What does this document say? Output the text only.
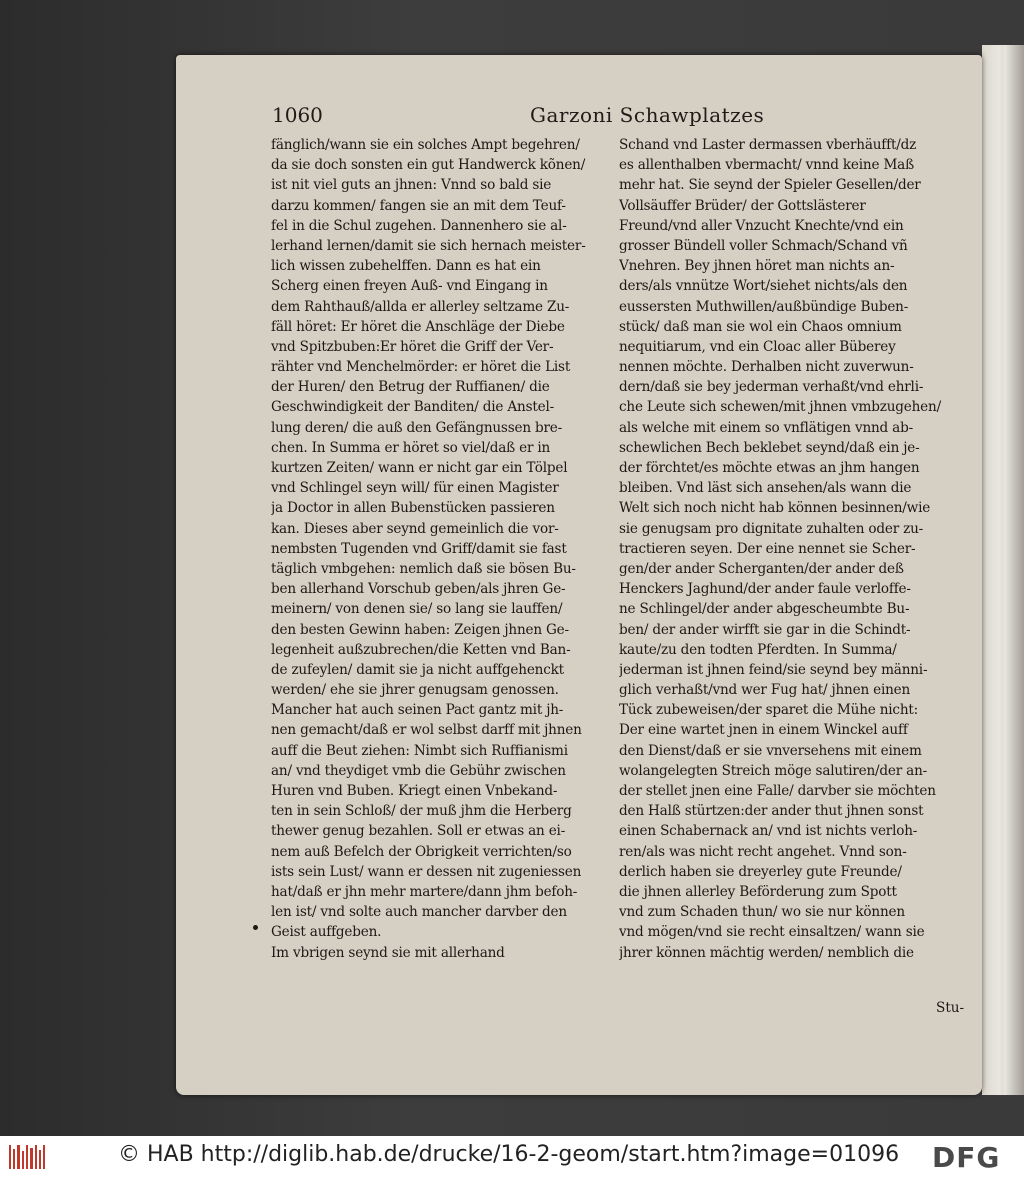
1060	Garzoni Schawplatzes
fänglich/wann sie ein solches Ampt begehren/
da sie doch sonsten ein gut Handwerck kõnen/
ist nit viel guts an jhnen: Vnnd so bald sie
darzu kommen/ fangen sie an mit dem Teuf-
fel in die Schul zugehen. Dannenhero sie al-
lerhand lernen/damit sie sich hernach meister-
lich wissen zubehelffen. Dann es hat ein
Scherg einen freyen Auß- vnd Eingang in
dem Rahthauß/allda er allerley seltzame Zu-
fäll höret: Er höret die Anschläge der Diebe
vnd Spitzbuben:Er höret die Griff der Ver-
rähter vnd Menchelmörder: er höret die List
der Huren/ den Betrug der Ruffianen/ die
Geschwindigkeit der Banditen/ die Anstel-
lung deren/ die auß den Gefängnussen bre-
chen. In Summa er höret so viel/daß er in
kurtzen Zeiten/ wann er nicht gar ein Tölpel
vnd Schlingel seyn will/ für einen Magister
ja Doctor in allen Bubenstücken passieren
kan. Dieses aber seynd gemeinlich die vor-
nembsten Tugenden vnd Griff/damit sie fast
täglich vmbgehen: nemlich daß sie bösen Bu-
ben allerhand Vorschub geben/als jhren Ge-
meinern/ von denen sie/ so lang sie lauffen/
den besten Gewinn haben: Zeigen jhnen Ge-
legenheit außzubrechen/die Ketten vnd Ban-
de zufeylen/ damit sie ja nicht auffgehenckt
werden/ ehe sie jhrer genugsam genossen.
Mancher hat auch seinen Pact gantz mit jh-
nen gemacht/daß er wol selbst darff mit jhnen
auff die Beut ziehen: Nimbt sich Ruffianismi
an/ vnd theydiget vmb die Gebühr zwischen
Huren vnd Buben. Kriegt einen Vnbekand-
ten in sein Schloß/ der muß jhm die Herberg
thewer genug bezahlen. Soll er etwas an ei-
nem auß Befelch der Obrigkeit verrichten/so
ists sein Lust/ wann er dessen nit zugeniessen
hat/daß er jhn mehr martere/dann jhm befoh-
len ist/ vnd solte auch mancher darvber den
Geist auffgeben.
Im vbrigen seynd sie mit allerhand
Schand vnd Laster dermassen vberhäufft/dz
es allenthalben vbermacht/ vnnd keine Maß
mehr hat. Sie seynd der Spieler Gesellen/der
Vollsäuffer Brüder/ der Gottslästerer
Freund/vnd aller Vnzucht Knechte/vnd ein
grosser Bündell voller Schmach/Schand vñ
Vnehren. Bey jhnen höret man nichts an-
ders/als vnnütze Wort/siehet nichts/als den
eussersten Muthwillen/außbündige Buben-
stück/ daß man sie wol ein Chaos omnium
nequitiarum, vnd ein Cloac aller Büberey
nennen möchte. Derhalben nicht zuverwun-
dern/daß sie bey jederman verhaßt/vnd ehrli-
che Leute sich schewen/mit jhnen vmbzugehen/
als welche mit einem so vnflätigen vnnd ab-
schewlichen Bech beklebet seynd/daß ein je-
der förchtet/es möchte etwas an jhm hangen
bleiben. Vnd läst sich ansehen/als wann die
Welt sich noch nicht hab können besinnen/wie
sie genugsam pro dignitate zuhalten oder zu-
tractieren seyen. Der eine nennet sie Scher-
gen/der ander Scherganten/der ander deß
Henckers Jaghund/der ander faule verloffe-
ne Schlingel/der ander abgescheumbte Bu-
ben/ der ander wirfft sie gar in die Schindt-
kaute/zu den todten Pferdten. In Summa/
jederman ist jhnen feind/sie seynd bey männi-
glich verhaßt/vnd wer Fug hat/ jhnen einen
Tück zubeweisen/der sparet die Mühe nicht:
Der eine wartet jnen in einem Winckel auff
den Dienst/daß er sie vnversehens mit einem
wolangelegten Streich möge salutiren/der an-
der stellet jnen eine Falle/ darvber sie möchten
den Halß stürtzen:der ander thut jhnen sonst
einen Schabernack an/ vnd ist nichts verloh-
ren/als was nicht recht angehet. Vnnd son-
derlich haben sie dreyerley gute Freunde/
die jhnen allerley Beförderung zum Spott
vnd zum Schaden thun/ wo sie nur können
vnd mögen/vnd sie recht einsaltzen/ wann sie
jhrer können mächtig werden/ nemblich die
Stu-
© HAB http://diglib.hab.de/drucke/16-2-geom/start.htm?image=01096 DFG
